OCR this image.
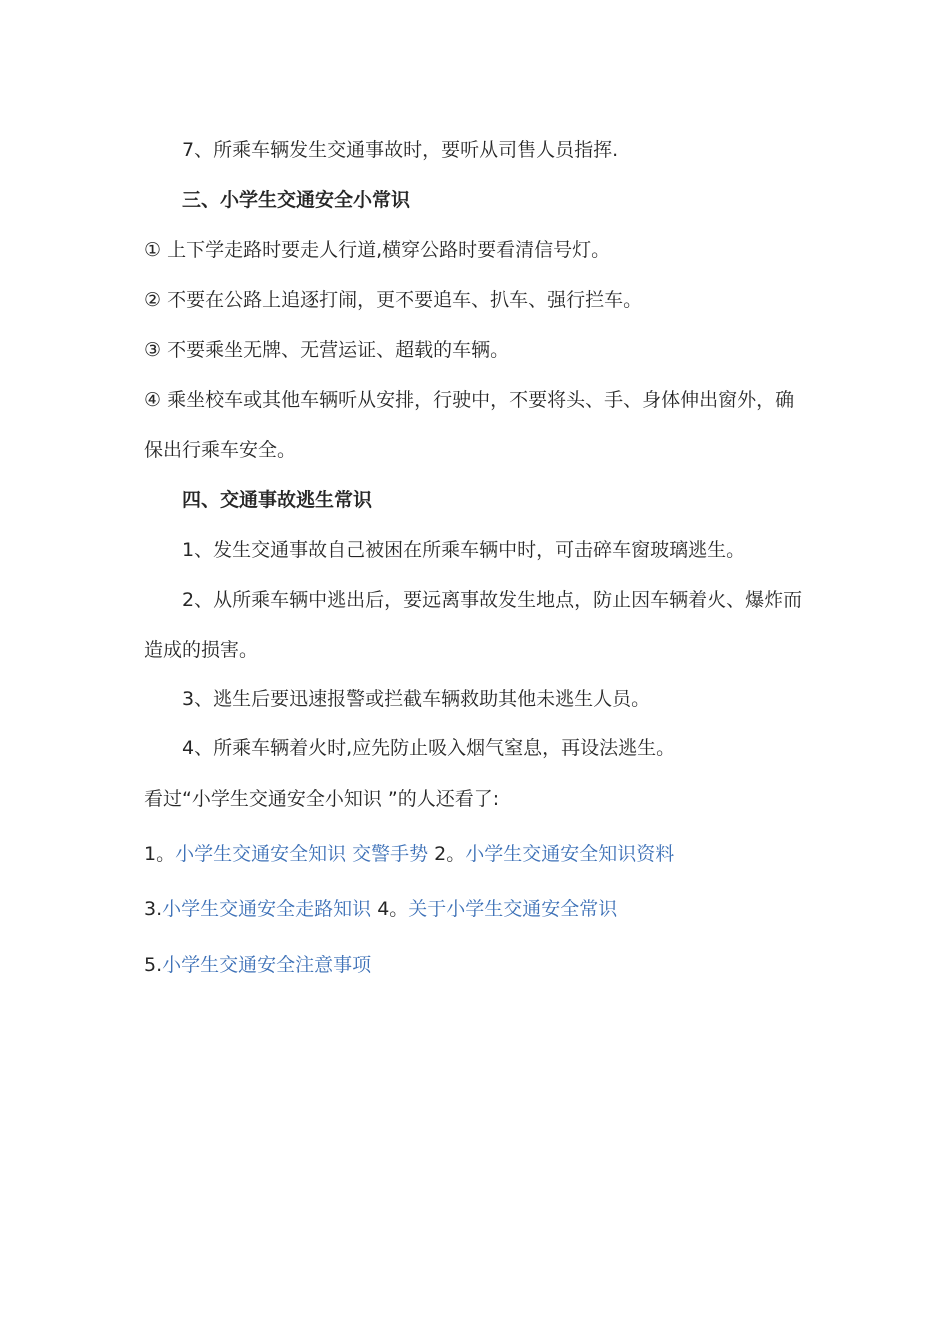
7、所乘车辆发生交通事故时，要听从司售人员指挥.
三、小学生交通安全小常识
① 上下学走路时要走人行道,横穿公路时要看清信号灯。
② 不要在公路上追逐打闹，更不要追车、扒车、强行拦车。
③ 不要乘坐无牌、无营运证、超载的车辆。
④ 乘坐校车或其他车辆听从安排，行驶中，不要将头、手、身体伸出窗外，确
保出行乘车安全。
四、交通事故逃生常识
1、发生交通事故自己被困在所乘车辆中时，可击碎车窗玻璃逃生。
2、从所乘车辆中逃出后，要远离事故发生地点，防止因车辆着火、爆炸而
造成的损害。
3、逃生后要迅速报警或拦截车辆救助其他未逃生人员。
4、所乘车辆着火时,应先防止吸入烟气窒息，再设法逃生。
看过“小学生交通安全小知识 ”的人还看了:
1。小学生交通安全知识 交警手势 2。小学生交通安全知识资料
3.小学生交通安全走路知识 4。关于小学生交通安全常识
5.小学生交通安全注意事项
